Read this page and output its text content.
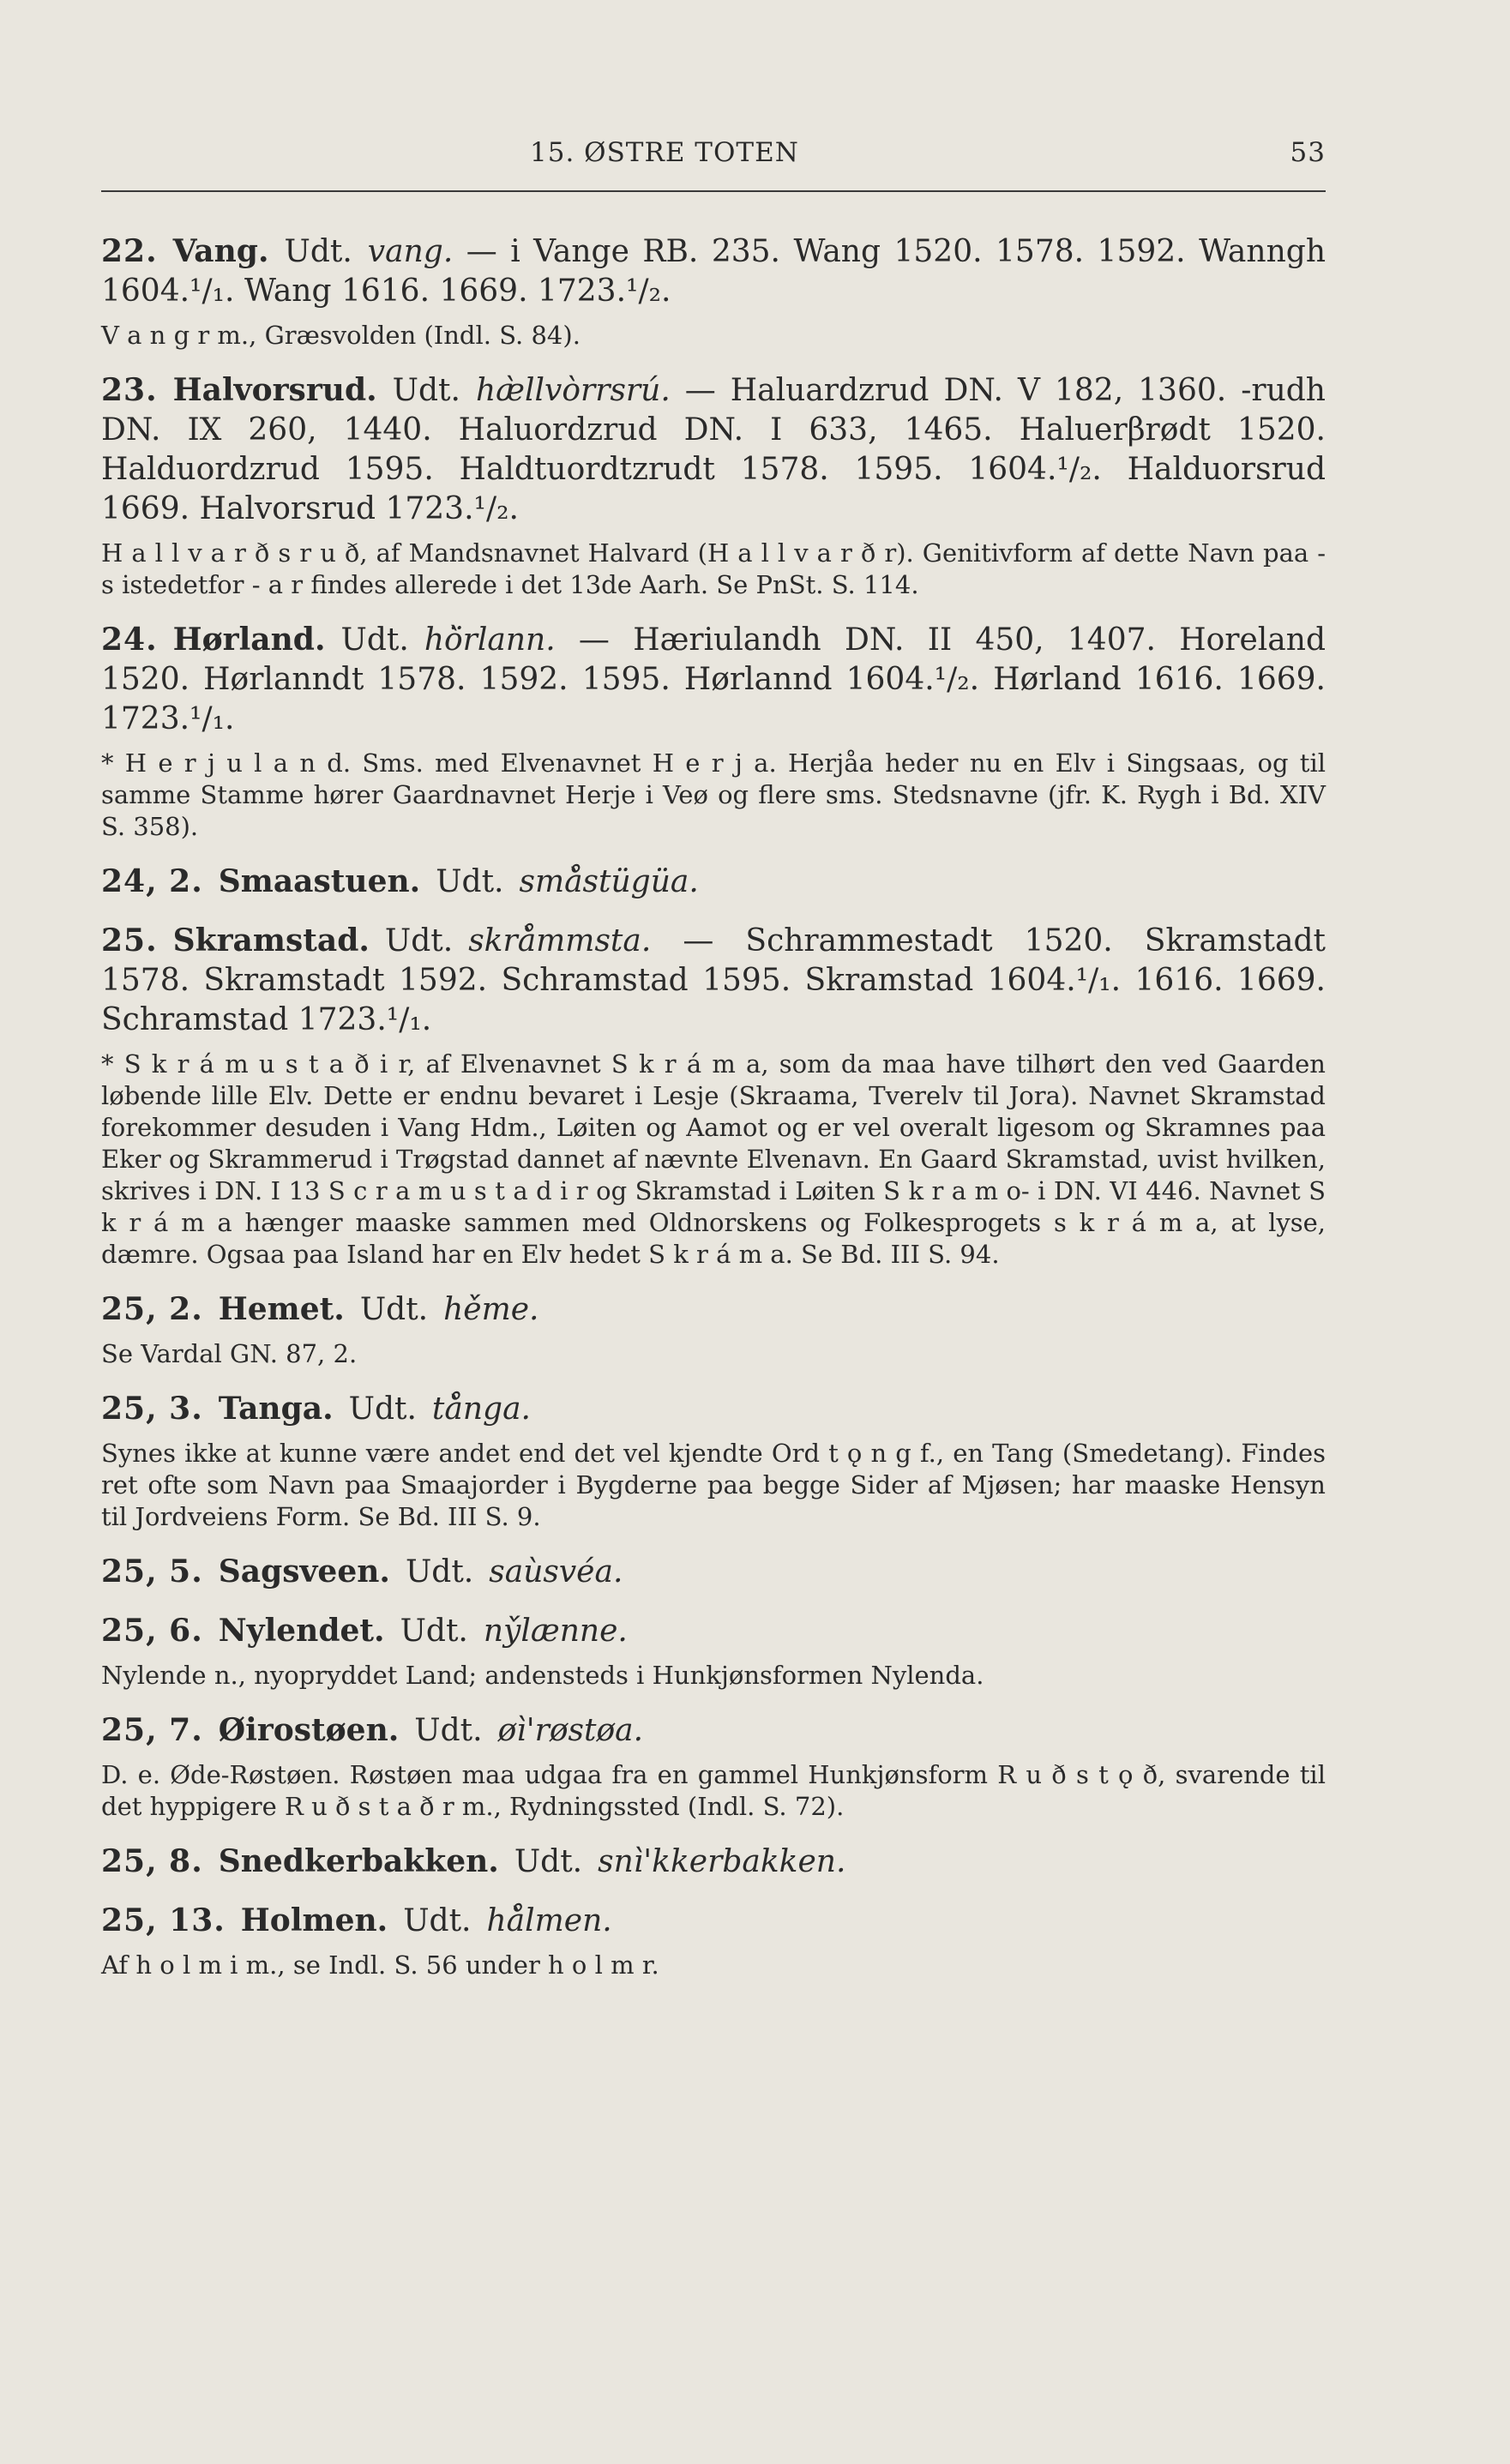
15. ØSTRE TOTEN	53
22.  Vang.  Udt.  vang. — i Vange RB. 235. Wang 1520. 1578. 1592. Wanngh 1604.¹/₁. Wang 1616. 1669. 1723.¹/₂.
V a n g r m., Græsvolden (Indl. S. 84).
23.  Halvorsrud.  Udt.  hæ̀llvòrrsrú. — Haluardzrud DN. V 182, 1360. -rudh DN. IX 260, 1440. Haluordzrud DN. I 633, 1465. Haluerβrødt 1520. Halduordzrud 1595. Haldtuordtzrudt 1578. 1595. 1604.¹/₂. Halduorsrud 1669. Halvorsrud 1723.¹/₂.
H a l l v a r ð s r u ð, af Mandsnavnet Halvard (H a l l v a r ð r). Genitivform af dette Navn paa - s istedetfor - a r findes allerede i det 13de Aarh. Se PnSt. S. 114.
24.  Hørland.  Udt.  hö̀rlann. — Hæriulandh DN. II 450, 1407. Horeland 1520. Hørlanndt 1578. 1592. 1595. Hørlannd 1604.¹/₂. Hørland 1616. 1669. 1723.¹/₁.
* H e r j u l a n d. Sms. med Elvenavnet H e r j a. Herjåa heder nu en Elv i Singsaas, og til samme Stamme hører Gaardnavnet Herje i Veø og flere sms. Stedsnavne (jfr. K. Rygh i Bd. XIV S. 358).
24, 2.  Smaastuen.  Udt.  små̀stügüa.
25.  Skramstad.  Udt.  skrå̀mmsta. — Schrammestadt 1520. Skramstadt 1578. Skramstadt 1592. Schramstad 1595. Skramstad 1604.¹/₁. 1616. 1669. Schramstad 1723.¹/₁.
* S k r á m u s t a ð i r, af Elvenavnet S k r á m a, som da maa have tilhørt den ved Gaarden løbende lille Elv. Dette er endnu bevaret i Lesje (Skraama, Tverelv til Jora). Navnet Skramstad forekommer desuden i Vang Hdm., Løiten og Aamot og er vel overalt ligesom og Skramnes paa Eker og Skrammerud i Trøgstad dannet af nævnte Elvenavn. En Gaard Skramstad, uvist hvilken, skrives i DN. I 13 S c r a m u s t a d i r og Skramstad i Løiten S k r a m o- i DN. VI 446. Navnet S k r á m a hænger maaske sammen med Oldnorskens og Folkesprogets s k r á m a, at lyse, dæmre. Ogsaa paa Island har en Elv hedet S k r á m a. Se Bd. III S. 94.
25, 2.  Hemet.  Udt.  hé̀me.
Se Vardal GN. 87, 2.
25, 3.  Tanga.  Udt.  tå̀nga.
Synes ikke at kunne være andet end det vel kjendte Ord t ǫ n g f., en Tang (Smedetang). Findes ret ofte som Navn paa Smaajorder i Bygderne paa begge Sider af Mjøsen; har maaske Hensyn til Jordveiens Form. Se Bd. III S. 9.
25, 5.  Sagsveen.  Udt.  saùsvéa.
25, 6.  Nylendet.  Udt.  ný̀lænne.
Nylende n., nyopryddet Land; andensteds i Hunkjønsformen Nylenda.
25, 7.  Øirostøen.  Udt.  øì'røstøa.
D. e. Øde-Røstøen. Røstøen maa udgaa fra en gammel Hunkjønsform R u ð s t ǫ ð, svarende til det hyppigere R u ð s t a ð r m., Rydningssted (Indl. S. 72).
25, 8.  Snedkerbakken.  Udt.  snì'kkerbakken.
25, 13.  Holmen.  Udt.  hå̀lmen.
Af h o l m i m., se Indl. S. 56 under h o l m r.
